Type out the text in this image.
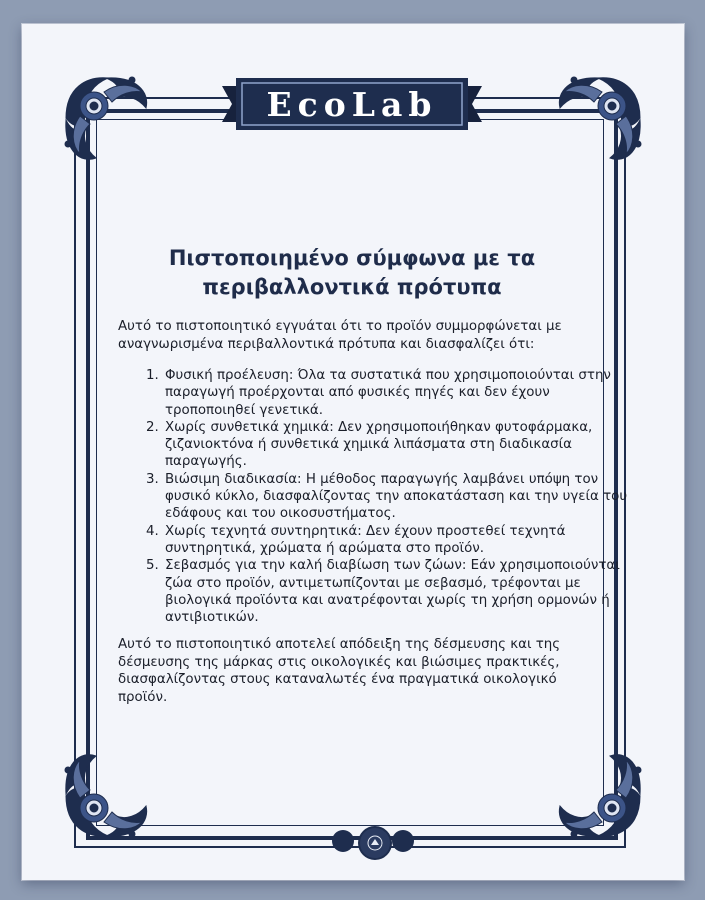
EcoLab
Πιστοποιημένο σύμφωνα με τα περιβαλλοντικά πρότυπα
Αυτό το πιστοποιητικό εγγυάται ότι το προϊόν συμμορφώνεται με αναγνωρισμένα περιβαλλοντικά πρότυπα και διασφαλίζει ότι:
1. Φυσική προέλευση: Όλα τα συστατικά που χρησιμοποιούνται στην παραγωγή προέρχονται από φυσικές πηγές και δεν έχουν τροποποιηθεί γενετικά.
2. Χωρίς συνθετικά χημικά: Δεν χρησιμοποιήθηκαν φυτοφάρμακα, ζιζανιοκτόνα ή συνθετικά χημικά λιπάσματα στη διαδικασία παραγωγής.
3. Βιώσιμη διαδικασία: Η μέθοδος παραγωγής λαμβάνει υπόψη τον φυσικό κύκλο, διασφαλίζοντας την αποκατάσταση και την υγεία του εδάφους και του οικοσυστήματος.
4. Χωρίς τεχνητά συντηρητικά: Δεν έχουν προστεθεί τεχνητά συντηρητικά, χρώματα ή αρώματα στο προϊόν.
5. Σεβασμός για την καλή διαβίωση των ζώων: Εάν χρησιμοποιούνται ζώα στο προϊόν, αντιμετωπίζονται με σεβασμό, τρέφονται με βιολογικά προϊόντα και ανατρέφονται χωρίς τη χρήση ορμονών ή αντιβιοτικών.
Αυτό το πιστοποιητικό αποτελεί απόδειξη της δέσμευσης και της δέσμευσης της μάρκας στις οικολογικές και βιώσιμες πρακτικές, διασφαλίζοντας στους καταναλωτές ένα πραγματικά οικολογικό προϊόν.
